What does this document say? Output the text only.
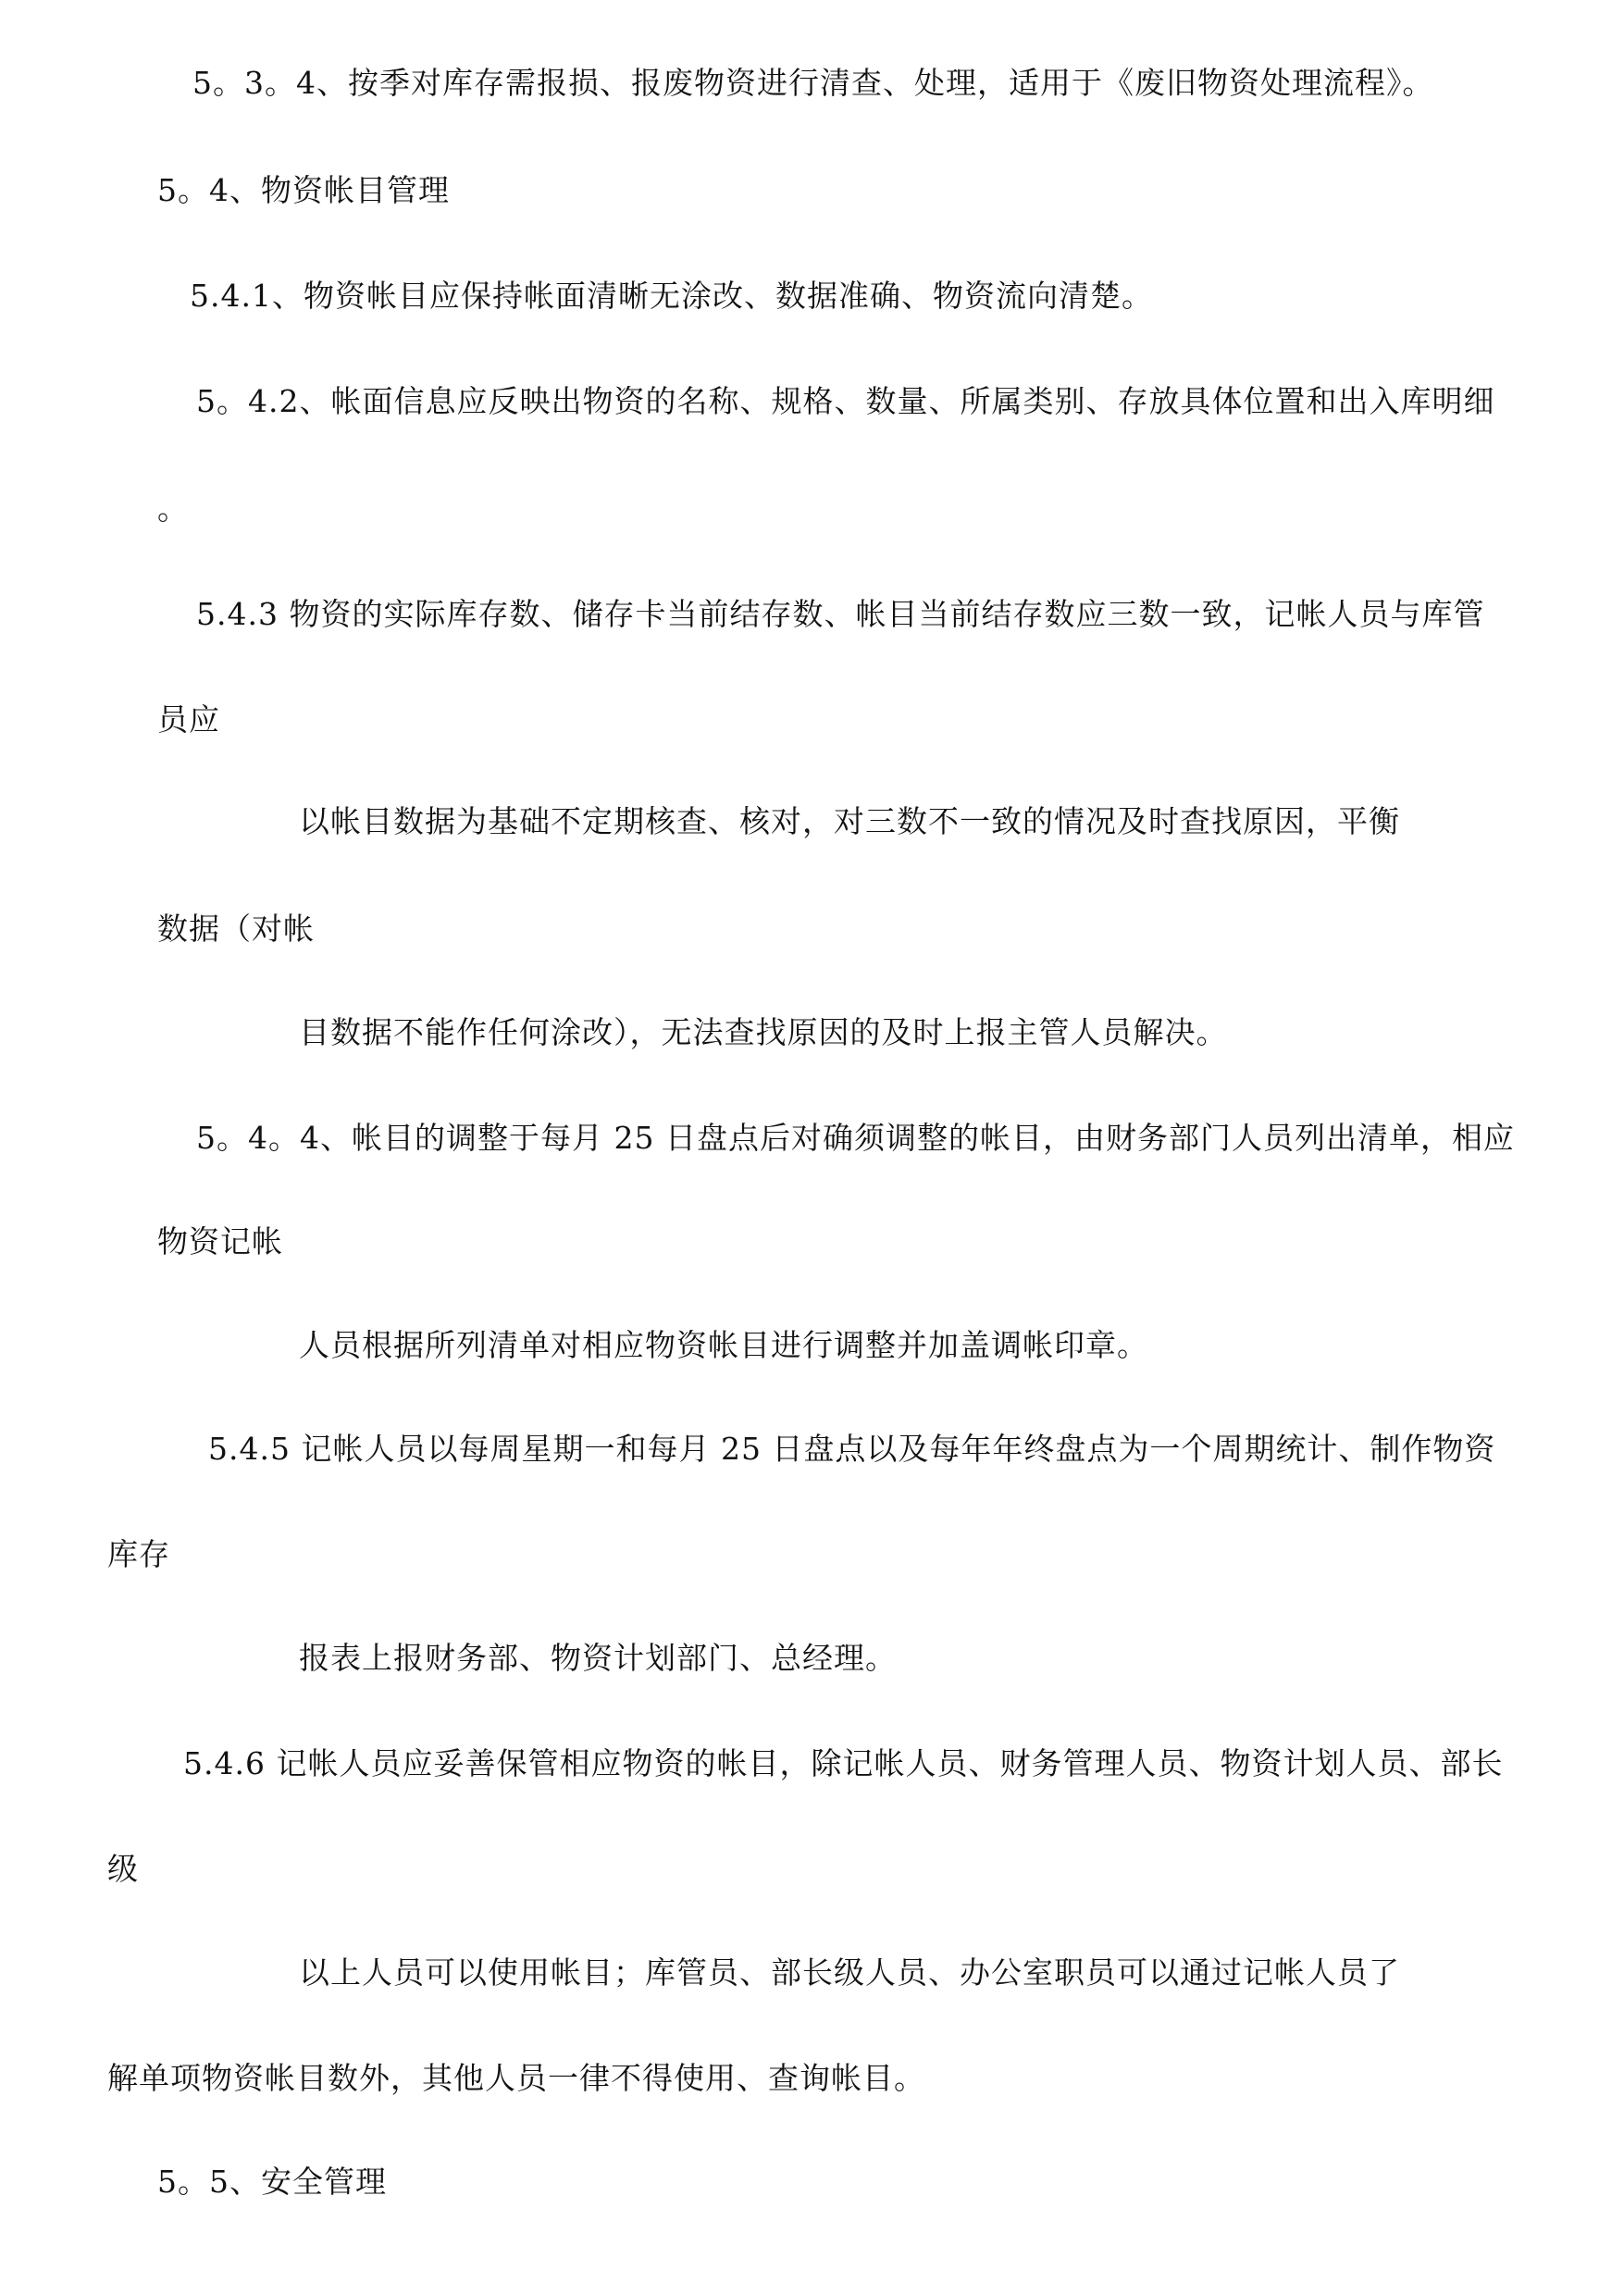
5。3。4、按季对库存需报损、报废物资进行清查、处理，适用于《废旧物资处理流程》。
5。4、物资帐目管理
5.4.1、物资帐目应保持帐面清晰无涂改、数据准确、物资流向清楚。
5。4.2、帐面信息应反映出物资的名称、规格、数量、所属类别、存放具体位置和出入库明细
。
5.4.3 物资的实际库存数、储存卡当前结存数、帐目当前结存数应三数一致，记帐人员与库管
员应
以帐目数据为基础不定期核查、核对，对三数不一致的情况及时查找原因，平衡
数据（对帐
目数据不能作任何涂改），无法查找原因的及时上报主管人员解决。
5。4。4、帐目的调整于每月 25 日盘点后对确须调整的帐目，由财务部门人员列出清单，相应
物资记帐
人员根据所列清单对相应物资帐目进行调整并加盖调帐印章。
5.4.5 记帐人员以每周星期一和每月 25 日盘点以及每年年终盘点为一个周期统计、制作物资
库存
报表上报财务部、物资计划部门、总经理。
5.4.6 记帐人员应妥善保管相应物资的帐目，除记帐人员、财务管理人员、物资计划人员、部长
级
以上人员可以使用帐目；库管员、部长级人员、办公室职员可以通过记帐人员了
解单项物资帐目数外，其他人员一律不得使用、查询帐目。
5。5、安全管理
